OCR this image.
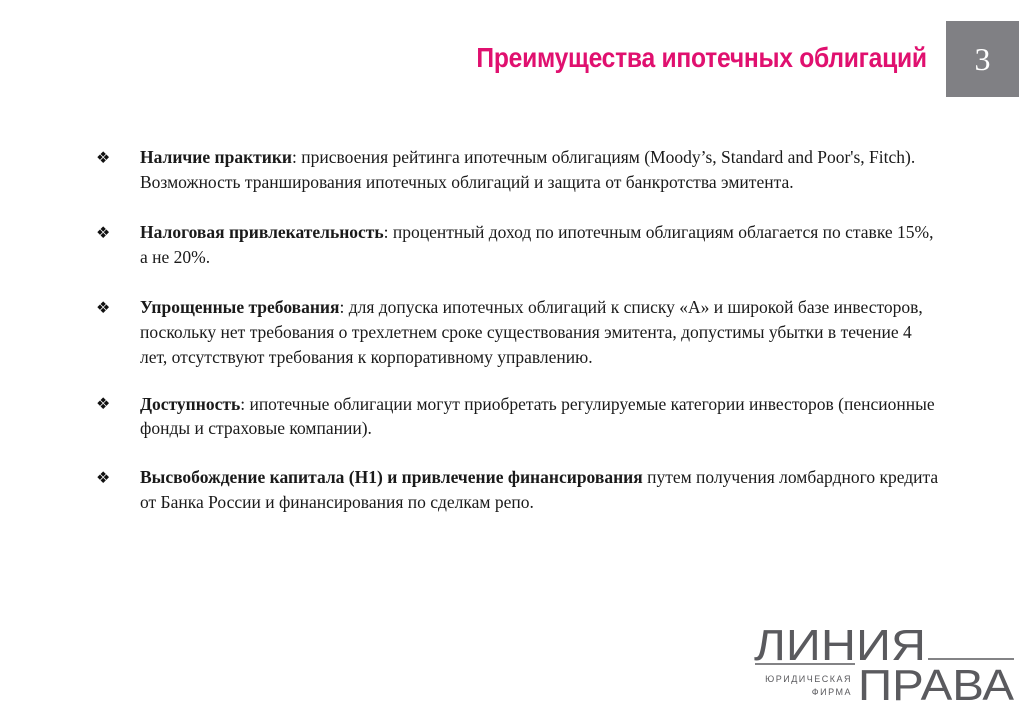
Преимущества ипотечных облигаций	3
❖ Наличие практики: присвоения рейтинга ипотечным облигациям (Moody’s, Standard and Poor's, Fitch). Возможность транширования ипотечных облигаций и защита от банкротства эмитента.
❖ Налоговая привлекательность: процентный доход по ипотечным облигациям облагается по ставке 15%, а не 20%.
❖ Упрощенные требования: для допуска ипотечных облигаций к списку «А» и широкой базе инвесторов, поскольку нет требования о трехлетнем сроке существования эмитента, допустимы убытки в течение 4 лет, отсутствуют требования к корпоративному управлению.
❖ Доступность: ипотечные облигации могут приобретать регулируемые категории инвесторов (пенсионные фонды и страховые компании).
❖ Высвобождение капитала (Н1) и привлечение финансирования путем получения ломбардного кредита от Банка России и финансирования по сделкам репо.
ЛИНИЯ
ПРАВА
ЮРИДИЧЕСКАЯ
ФИРМА
